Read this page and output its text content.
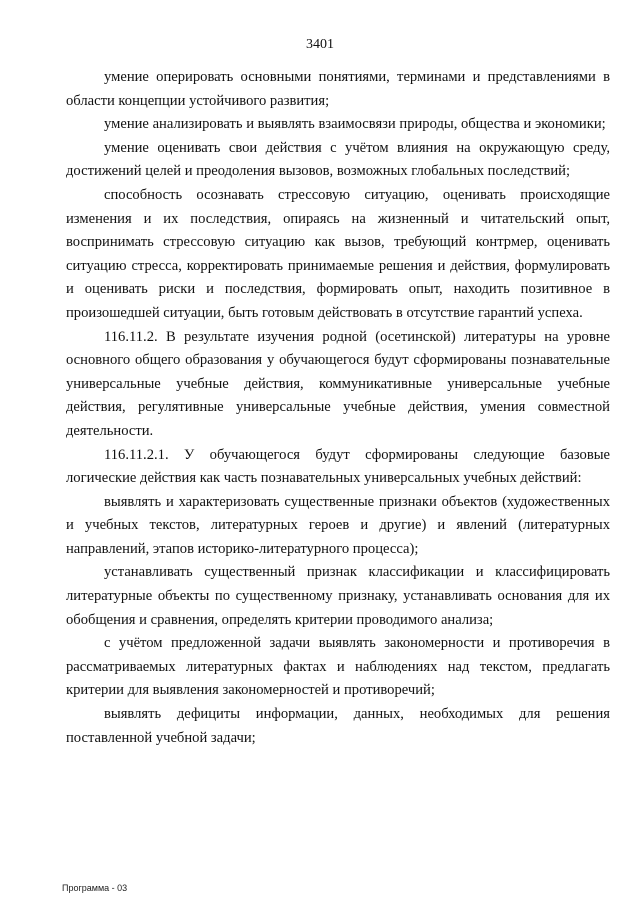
3401

умение оперировать основными понятиями, терминами и представлениями в области концепции устойчивого развития;

умение анализировать и выявлять взаимосвязи природы, общества и экономики;

умение оценивать свои действия с учётом влияния на окружающую среду, достижений целей и преодоления вызовов, возможных глобальных последствий;

способность осознавать стрессовую ситуацию, оценивать происходящие изменения и их последствия, опираясь на жизненный и читательский опыт, воспринимать стрессовую ситуацию как вызов, требующий контрмер, оценивать ситуацию стресса, корректировать принимаемые решения и действия, формулировать и оценивать риски и последствия, формировать опыт, находить позитивное в произошедшей ситуации, быть готовым действовать в отсутствие гарантий успеха.

116.11.2. В результате изучения родной (осетинской) литературы на уровне основного общего образования у обучающегося будут сформированы познавательные универсальные учебные действия, коммуникативные универсальные учебные действия, регулятивные универсальные учебные действия, умения совместной деятельности.

116.11.2.1. У обучающегося будут сформированы следующие базовые логические действия как часть познавательных универсальных учебных действий:

выявлять и характеризовать существенные признаки объектов (художественных и учебных текстов, литературных героев и другие) и явлений (литературных направлений, этапов историко-литературного процесса);

устанавливать существенный признак классификации и классифицировать литературные объекты по существенному признаку, устанавливать основания для их обобщения и сравнения, определять критерии проводимого анализа;

с учётом предложенной задачи выявлять закономерности и противоречия в рассматриваемых литературных фактах и наблюдениях над текстом, предлагать критерии для выявления закономерностей и противоречий;

выявлять дефициты информации, данных, необходимых для решения поставленной учебной задачи;

Программа - 03
